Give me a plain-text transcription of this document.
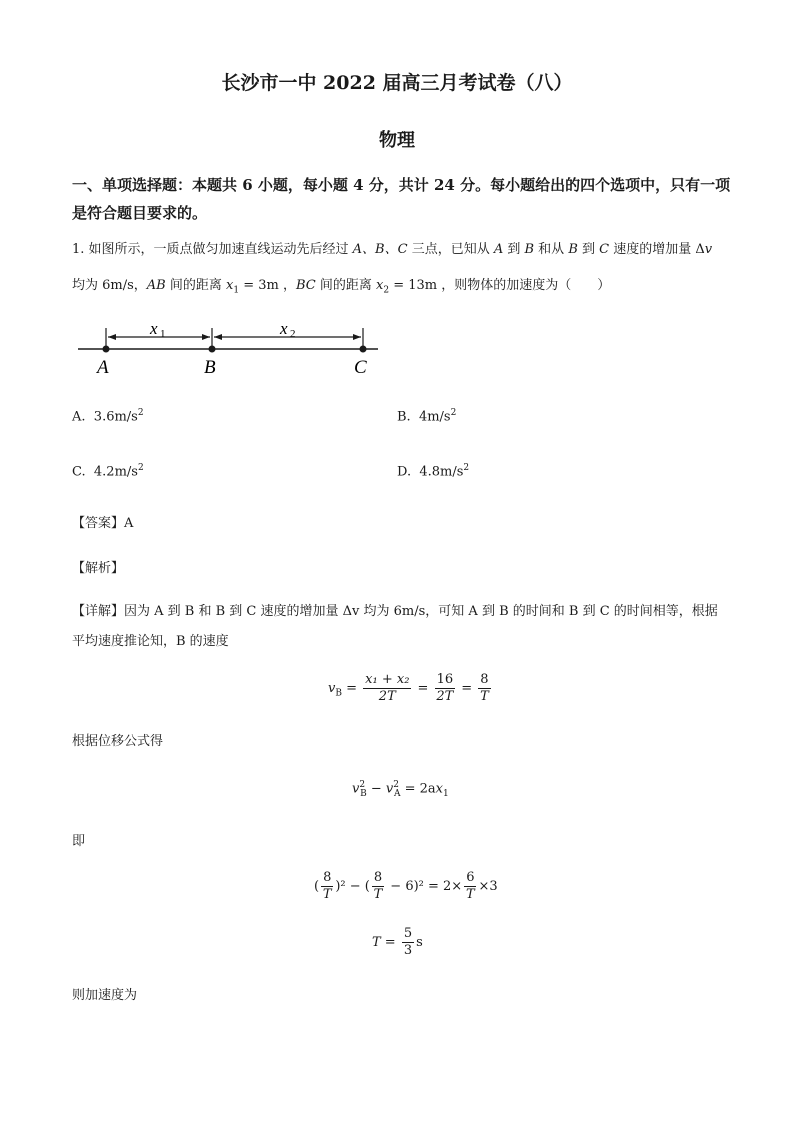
长沙市一中 2022 届高三月考试卷（八）
物理
一、单项选择题：本题共 6 小题，每小题 4 分，共计 24 分。每小题给出的四个选项中，只有一项是符合题目要求的。
1. 如图所示，一质点做匀加速直线运动先后经过 A、B、C 三点，已知从 A 到 B 和从 B 到 C 速度的增加量 Δv
均为 6m/s，AB 间的距离 $x_1 = 3m$ ，BC 间的距离 $x_2 = 13m$ ，则物体的加速度为（　　）
x 1	x 2
A	B	C
A. $3.6m/s^2$	B. $4m/s^2$
C. $4.2m/s^2$	D. $4.8m/s^2$
【答案】A
【解析】
【详解】因为 A 到 B 和 B 到 C 速度的增加量 Δv 均为 6m/s，可知 A 到 B 的时间和 B 到 C 的时间相等，根据
平均速度推论知，B 的速度
$v_B = \frac{\text{x₁ + x₂}}{2T} = \frac{16}{2T} = \frac{8}{T}$
根据位移公式得
$v^2_B - v^2_A = 2ax_1$
即
( $\frac{8}{T} )^2$ − ( $\frac{8}{T} - 6)^2 = 2\times \frac{6}{T} \times 3$
$T = \frac{5}{3}$ s
则加速度为
